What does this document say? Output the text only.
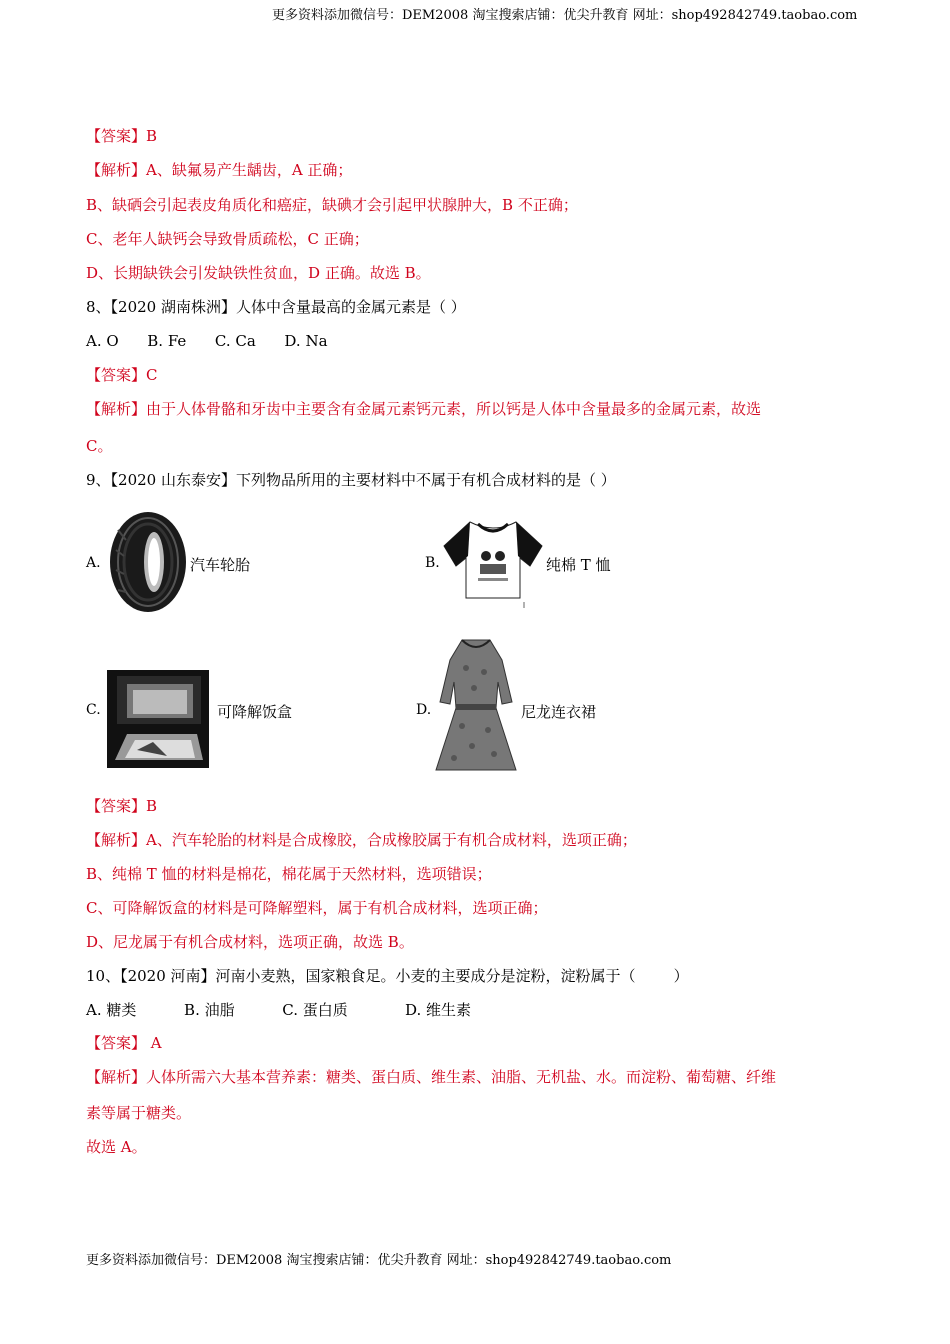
更多资料添加微信号：DEM2008 淘宝搜索店铺：优尖升教育 网址：shop492842749.taobao.com
【答案】B
【解析】A、缺氟易产生龋齿，A 正确；
B、缺硒会引起表皮角质化和癌症，缺碘才会引起甲状腺肿大，B 不正确；
C、老年人缺钙会导致骨质疏松，C 正确；
D、长期缺铁会引发缺铁性贫血，D 正确。故选 B。
8、【2020 湖南株洲】人体中含量最高的金属元素是（ ）
A. O      B. Fe      C. Ca      D. Na
【答案】C
【解析】由于人体骨骼和牙齿中主要含有金属元素钙元素，所以钙是人体中含量最多的金属元素，故选
C。
9、【2020 山东泰安】下列物品所用的主要材料中不属于有机合成材料的是（ ）
A.	汽车轮胎	B.	纯棉 T 恤
C.	可降解饭盒	D.	尼龙连衣裙
【答案】B
【解析】A、汽车轮胎的材料是合成橡胶，合成橡胶属于有机合成材料，选项正确；
B、纯棉 T 恤的材料是棉花，棉花属于天然材料，选项错误；
C、可降解饭盒的材料是可降解塑料，属于有机合成材料，选项正确；
D、尼龙属于有机合成材料，选项正确，故选 B。
10、【2020 河南】河南小麦熟，国家粮食足。小麦的主要成分是淀粉，淀粉属于（        ）
A. 糖类          B. 油脂          C. 蛋白质            D. 维生素
【答案】 A
【解析】人体所需六大基本营养素：糖类、蛋白质、维生素、油脂、无机盐、水。而淀粉、葡萄糖、纤维
素等属于糖类。
故选 A。
更多资料添加微信号：DEM2008 淘宝搜索店铺：优尖升教育 网址：shop492842749.taobao.com
